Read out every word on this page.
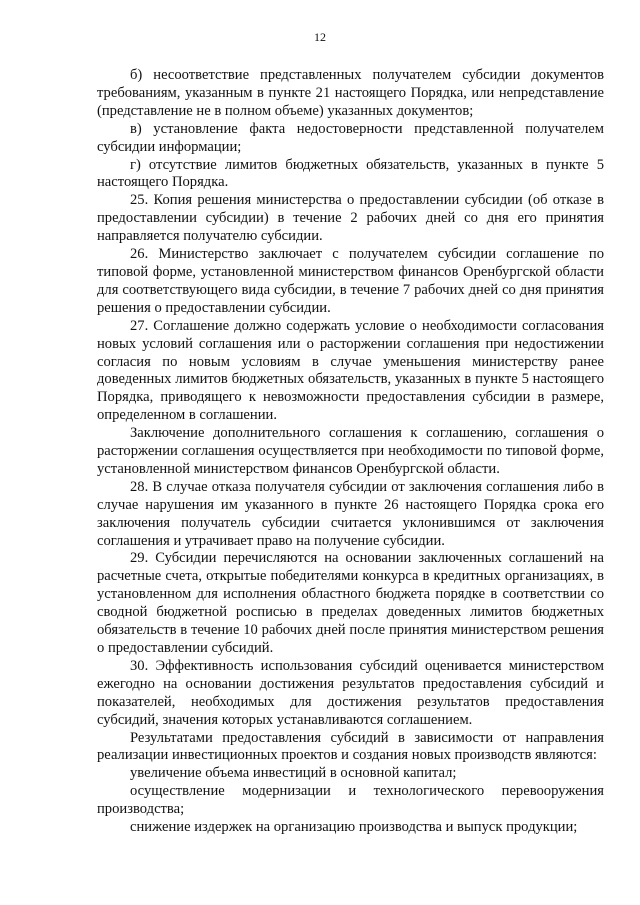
12

б) несоответствие представленных получателем субсидии документов требованиям, указанным в пункте 21 настоящего Порядка, или непредставление (представление не в полном объеме) указанных документов;

в) установление факта недостоверности представленной получателем субсидии информации;

г) отсутствие лимитов бюджетных обязательств, указанных в пункте 5 настоящего Порядка.

25. Копия решения министерства о предоставлении субсидии (об отказе в предоставлении субсидии) в течение 2 рабочих дней со дня его принятия направляется получателю субсидии.

26. Министерство заключает с получателем субсидии соглашение по типовой форме, установленной министерством финансов Оренбургской области для соответствующего вида субсидии, в течение 7 рабочих дней со дня принятия решения о предоставлении субсидии.

27. Соглашение должно содержать условие о необходимости согласования новых условий соглашения или о расторжении соглашения при недостижении согласия по новым условиям в случае уменьшения министерству ранее доведенных лимитов бюджетных обязательств, указанных в пункте 5 настоящего Порядка, приводящего к невозможности предоставления субсидии в размере, определенном в соглашении.

Заключение дополнительного соглашения к соглашению, соглашения о расторжении соглашения осуществляется при необходимости по типовой форме, установленной министерством финансов Оренбургской области.

28. В случае отказа получателя субсидии от заключения соглашения либо в случае нарушения им указанного в пункте 26 настоящего Порядка срока его заключения получатель субсидии считается уклонившимся от заключения соглашения и утрачивает право на получение субсидии.

29. Субсидии перечисляются на основании заключенных соглашений на расчетные счета, открытые победителями конкурса в кредитных организациях, в установленном для исполнения областного бюджета порядке в соответствии со сводной бюджетной росписью в пределах доведенных лимитов бюджетных обязательств в течение 10 рабочих дней после принятия министерством решения о предоставлении субсидий.

30. Эффективность использования субсидий оценивается министерством ежегодно на основании достижения результатов предоставления субсидий и показателей, необходимых для достижения результатов предоставления субсидий, значения которых устанавливаются соглашением.

Результатами предоставления субсидий в зависимости от направления реализации инвестиционных проектов и создания новых производств являются:

увеличение объема инвестиций в основной капитал;

осуществление модернизации и технологического перевооружения производства;

снижение издержек на организацию производства и выпуск продукции;
